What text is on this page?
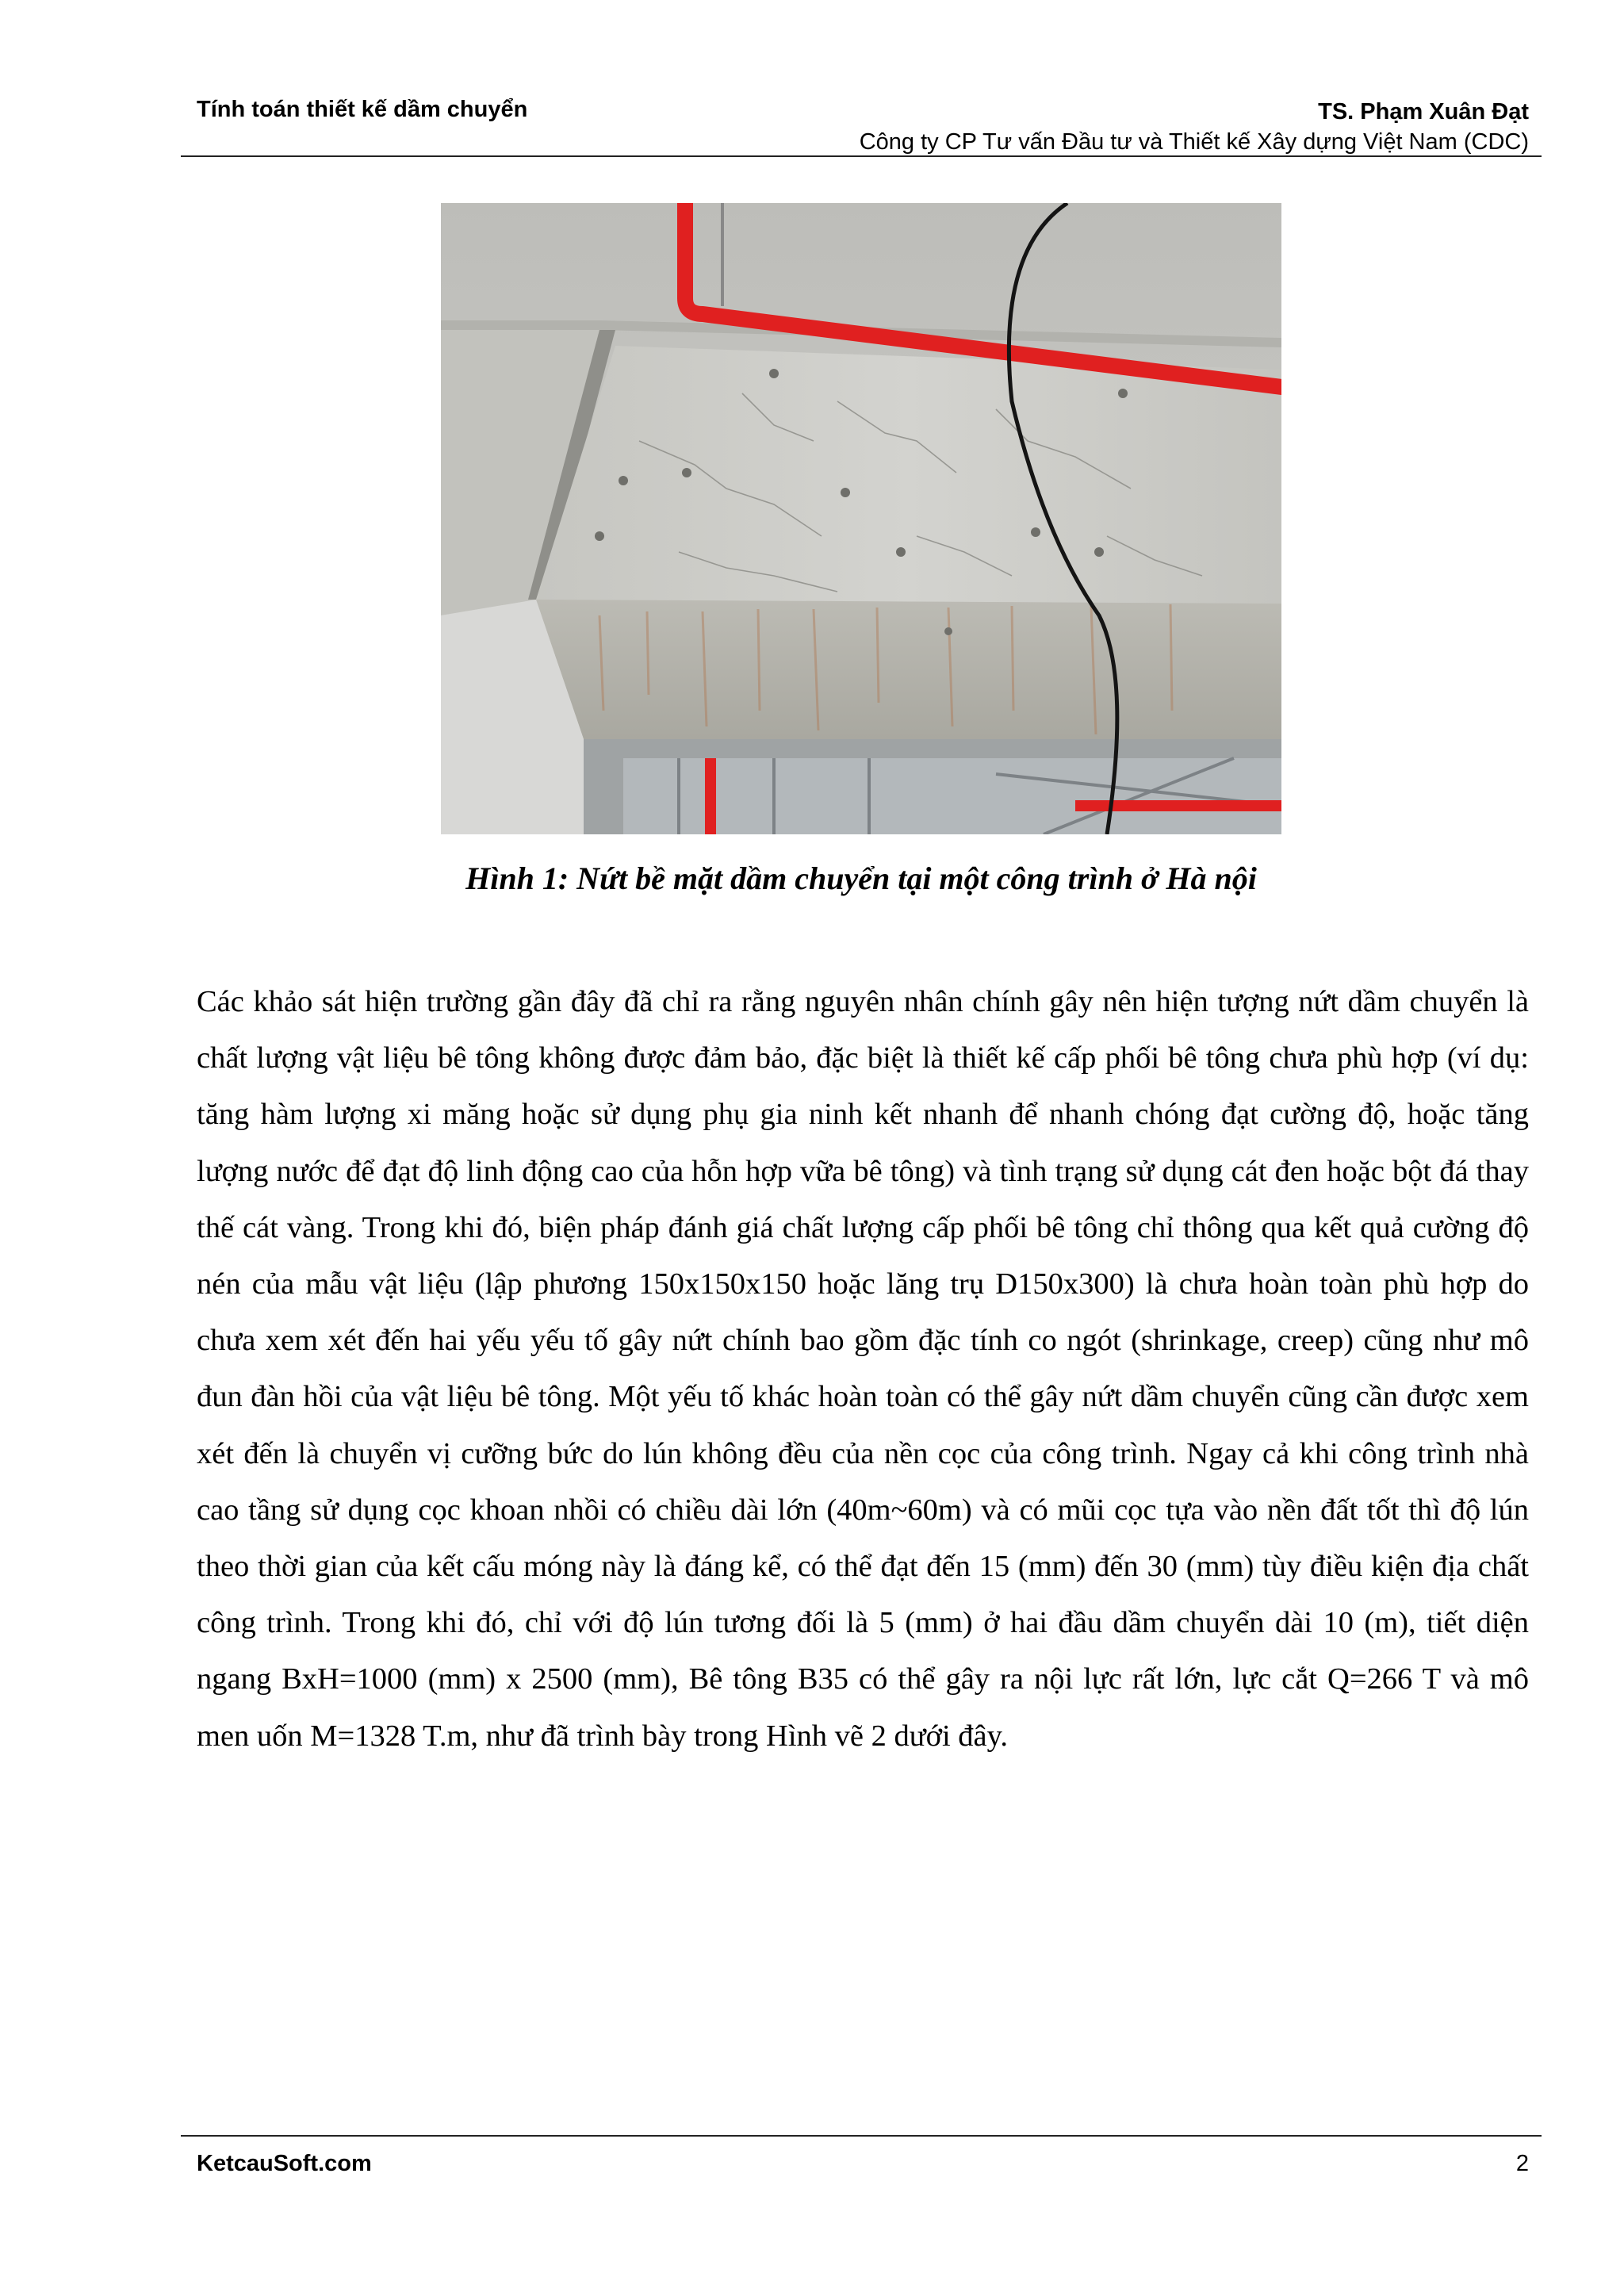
Tính toán thiết kế dầm chuyển	TS. Phạm Xuân Đạt
Công ty CP Tư vấn Đầu tư và Thiết kế Xây dựng Việt Nam (CDC)
Hình 1: Nứt bề mặt dầm chuyển tại một công trình ở Hà nội
Các khảo sát hiện trường gần đây đã chỉ ra rằng nguyên nhân chính gây nên hiện tượng nứt dầm chuyển là chất lượng vật liệu bê tông không được đảm bảo, đặc biệt là thiết kế cấp phối bê tông chưa phù hợp (ví dụ: tăng hàm lượng xi măng hoặc sử dụng phụ gia ninh kết nhanh để nhanh chóng đạt cường độ, hoặc tăng lượng nước để đạt độ linh động cao của hỗn hợp vữa bê tông) và tình trạng sử dụng cát đen hoặc bột đá thay thế cát vàng. Trong khi đó, biện pháp đánh giá chất lượng cấp phối bê tông chỉ thông qua kết quả cường độ nén của mẫu vật liệu (lập phương 150x150x150 hoặc lăng trụ D150x300) là chưa hoàn toàn phù hợp do chưa xem xét đến hai yếu yếu tố gây nứt chính bao gồm đặc tính co ngót (shrinkage, creep) cũng như mô đun đàn hồi của vật liệu bê tông. Một yếu tố khác hoàn toàn có thể gây nứt dầm chuyển cũng cần được xem xét đến là chuyển vị cưỡng bức do lún không đều của nền cọc của công trình. Ngay cả khi công trình nhà cao tầng sử dụng cọc khoan nhồi có chiều dài lớn (40m~60m) và có mũi cọc tựa vào nền đất tốt thì độ lún theo thời gian của kết cấu móng này là đáng kể, có thể đạt đến 15 (mm) đến 30 (mm) tùy điều kiện địa chất công trình. Trong khi đó, chỉ với độ lún tương đối là 5 (mm) ở hai đầu dầm chuyển dài 10 (m), tiết diện ngang BxH=1000 (mm) x 2500 (mm), Bê tông B35 có thể gây ra nội lực rất lớn, lực cắt Q=266 T và mô men uốn M=1328 T.m, như đã trình bày trong Hình vẽ 2 dưới đây.
KetcauSoft.com	2
